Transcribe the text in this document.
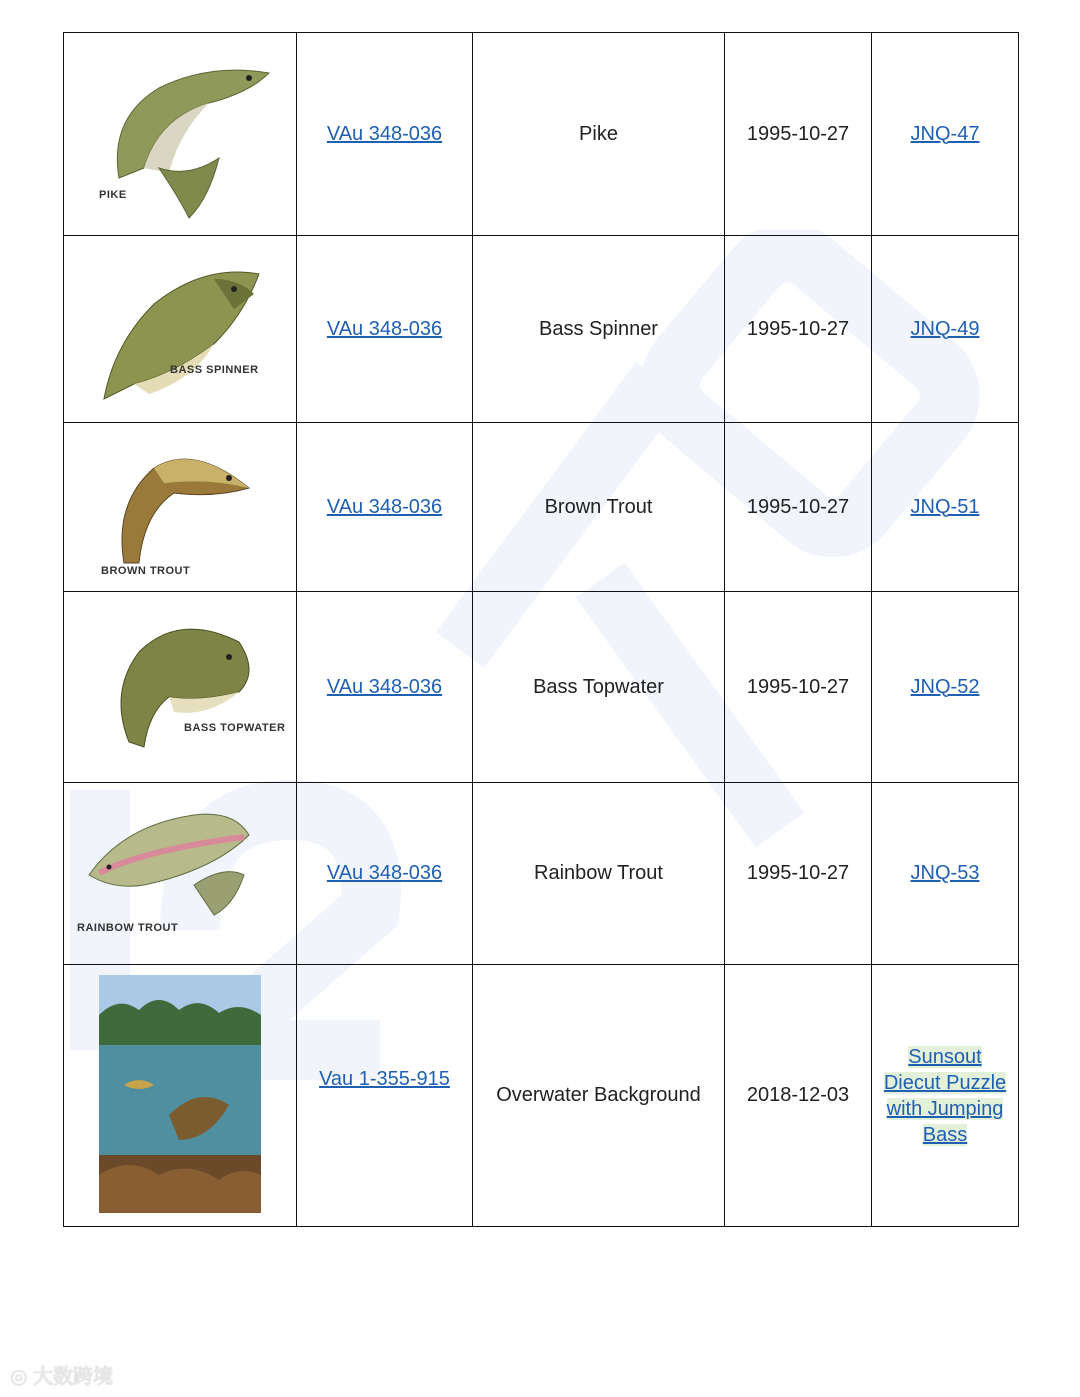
PIKE	VAu 348-036	Pike	1995-10-27	JNQ-47

BASS SPINNER	VAu 348-036	Bass Spinner	1995-10-27	JNQ-49

BROWN TROUT	VAu 348-036	Brown Trout	1995-10-27	JNQ-51

BASS TOPWATER	VAu 348-036	Bass Topwater	1995-10-27	JNQ-52

RAINBOW TROUT	VAu 348-036	Rainbow Trout	1995-10-27	JNQ-53

	Vau 1-355-915	Overwater Background	2018-12-03	Sunsout Diecut Puzzle with Jumping Bass
◎ 大数跨境
